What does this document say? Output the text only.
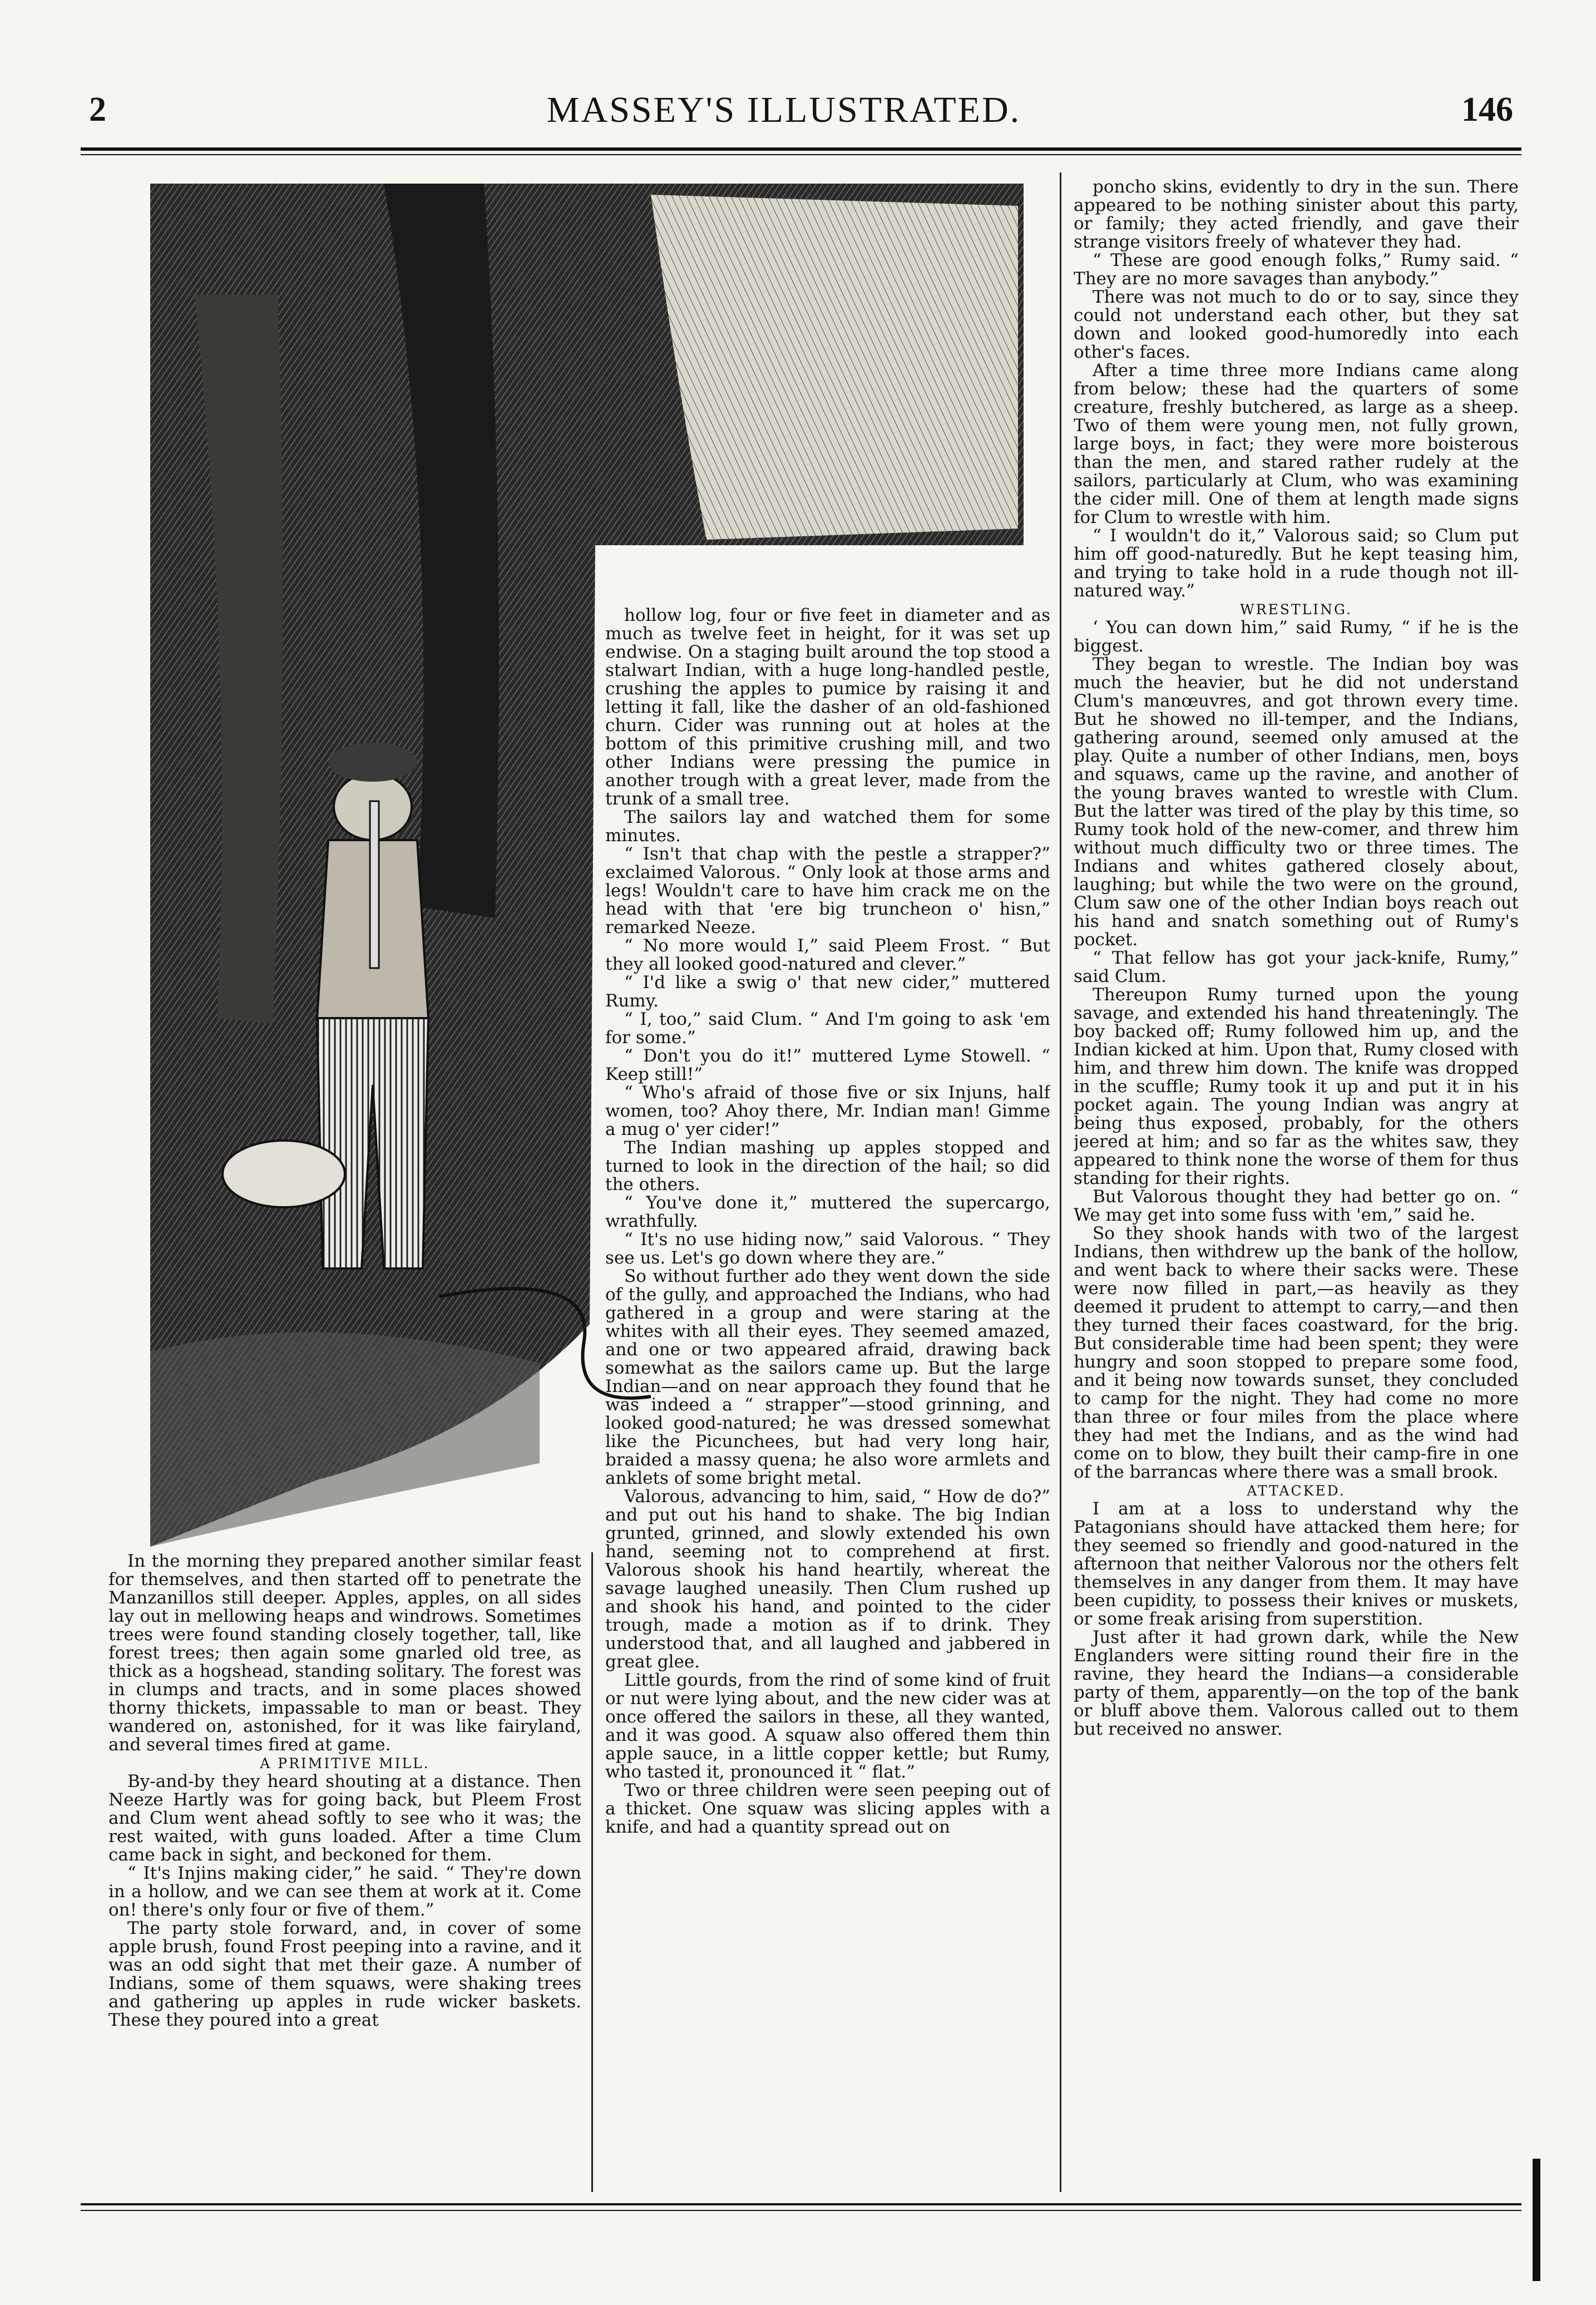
2	MASSEY'S ILLUSTRATED.	146

In the morning they prepared another similar feast for themselves, and then started off to penetrate the Manzanillos still deeper. Apples, apples, on all sides lay out in mellowing heaps and windrows. Sometimes trees were found standing closely together, tall, like forest trees; then again some gnarled old tree, as thick as a hogshead, standing solitary. The forest was in clumps and tracts, and in some places showed thorny thickets, impassable to man or beast. They wandered on, astonished, for it was like fairyland, and several times fired at game.

A PRIMITIVE MILL.

By-and-by they heard shouting at a distance. Then Neeze Hartly was for going back, but Pleem Frost and Clum went ahead softly to see who it was; the rest waited, with guns loaded. After a time Clum came back in sight, and beckoned for them.

“ It's Injins making cider,” he said. “ They're down in a hollow, and we can see them at work at it. Come on! there's only four or five of them.”

The party stole forward, and, in cover of some apple brush, found Frost peeping into a ravine, and it was an odd sight that met their gaze. A number of Indians, some of them squaws, were shaking trees and gathering up apples in rude wicker baskets. These they poured into a great

hollow log, four or five feet in diameter and as much as twelve feet in height, for it was set up endwise. On a staging built around the top stood a stalwart Indian, with a huge long-handled pestle, crushing the apples to pumice by raising it and letting it fall, like the dasher of an old-fashioned churn. Cider was running out at holes at the bottom of this primitive crushing mill, and two other Indians were pressing the pumice in another trough with a great lever, made from the trunk of a small tree.

The sailors lay and watched them for some minutes.

“ Isn't that chap with the pestle a strapper?” exclaimed Valorous. “ Only look at those arms and legs! Wouldn't care to have him crack me on the head with that 'ere big truncheon o' hisn,” remarked Neeze.

“ No more would I,” said Pleem Frost. “ But they all looked good-natured and clever.”

“ I'd like a swig o' that new cider,” muttered Rumy.

“ I, too,” said Clum. “ And I'm going to ask 'em for some.”

“ Don't you do it!” muttered Lyme Stowell. “ Keep still!”

“ Who's afraid of those five or six Injuns, half women, too? Ahoy there, Mr. Indian man! Gimme a mug o' yer cider!”

The Indian mashing up apples stopped and turned to look in the direction of the hail; so did the others.

“ You've done it,” muttered the supercargo, wrathfully.

“ It's no use hiding now,” said Valorous. “ They see us. Let's go down where they are.”

So without further ado they went down the side of the gully, and approached the Indians, who had gathered in a group and were staring at the whites with all their eyes. They seemed amazed, and one or two appeared afraid, drawing back somewhat as the sailors came up. But the large Indian—and on near approach they found that he was indeed a “ strapper”—stood grinning, and looked good-natured; he was dressed somewhat like the Picunchees, but had very long hair, braided a massy quena; he also wore armlets and anklets of some bright metal.

Valorous, advancing to him, said, “ How de do?” and put out his hand to shake. The big Indian grunted, grinned, and slowly extended his own hand, seeming not to comprehend at first. Valorous shook his hand heartily, whereat the savage laughed uneasily. Then Clum rushed up and shook his hand, and pointed to the cider trough, made a motion as if to drink. They understood that, and all laughed and jabbered in great glee.

Little gourds, from the rind of some kind of fruit or nut were lying about, and the new cider was at once offered the sailors in these, all they wanted, and it was good. A squaw also offered them thin apple sauce, in a little copper kettle; but Rumy, who tasted it, pronounced it “ flat.”

Two or three children were seen peeping out of a thicket. One squaw was slicing apples with a knife, and had a quantity spread out on

poncho skins, evidently to dry in the sun. There appeared to be nothing sinister about this party, or family; they acted friendly, and gave their strange visitors freely of whatever they had.

“ These are good enough folks,” Rumy said. “ They are no more savages than anybody.”

There was not much to do or to say, since they could not understand each other, but they sat down and looked good-humoredly into each other's faces.

After a time three more Indians came along from below; these had the quarters of some creature, freshly butchered, as large as a sheep. Two of them were young men, not fully grown, large boys, in fact; they were more boisterous than the men, and stared rather rudely at the sailors, particularly at Clum, who was examining the cider mill. One of them at length made signs for Clum to wrestle with him.

“ I wouldn't do it,” Valorous said; so Clum put him off good-naturedly. But he kept teasing him, and trying to take hold in a rude though not ill-natured way.”

WRESTLING.

‘ You can down him,” said Rumy, “ if he is the biggest.

They began to wrestle. The Indian boy was much the heavier, but he did not understand Clum's manœuvres, and got thrown every time. But he showed no ill-temper, and the Indians, gathering around, seemed only amused at the play. Quite a number of other Indians, men, boys and squaws, came up the ravine, and another of the young braves wanted to wrestle with Clum. But the latter was tired of the play by this time, so Rumy took hold of the new-comer, and threw him without much difficulty two or three times. The Indians and whites gathered closely about, laughing; but while the two were on the ground, Clum saw one of the other Indian boys reach out his hand and snatch something out of Rumy's pocket.

“ That fellow has got your jack-knife, Rumy,” said Clum.

Thereupon Rumy turned upon the young savage, and extended his hand threateningly. The boy backed off; Rumy followed him up, and the Indian kicked at him. Upon that, Rumy closed with him, and threw him down. The knife was dropped in the scuffle; Rumy took it up and put it in his pocket again. The young Indian was angry at being thus exposed, probably, for the others jeered at him; and so far as the whites saw, they appeared to think none the worse of them for thus standing for their rights.

But Valorous thought they had better go on. “ We may get into some fuss with 'em,” said he.

So they shook hands with two of the largest Indians, then withdrew up the bank of the hollow, and went back to where their sacks were. These were now filled in part,—as heavily as they deemed it prudent to attempt to carry,—and then they turned their faces coastward, for the brig. But considerable time had been spent; they were hungry and soon stopped to prepare some food, and it being now towards sunset, they concluded to camp for the night. They had come no more than three or four miles from the place where they had met the Indians, and as the wind had come on to blow, they built their camp-fire in one of the barrancas where there was a small brook.

ATTACKED.

I am at a loss to understand why the Patagonians should have attacked them here; for they seemed so friendly and good-natured in the afternoon that neither Valorous nor the others felt themselves in any danger from them. It may have been cupidity, to possess their knives or muskets, or some freak arising from superstition.

Just after it had grown dark, while the New Englanders were sitting round their fire in the ravine, they heard the Indians—a considerable party of them, apparently—on the top of the bank or bluff above them. Valorous called out to them but received no answer.
